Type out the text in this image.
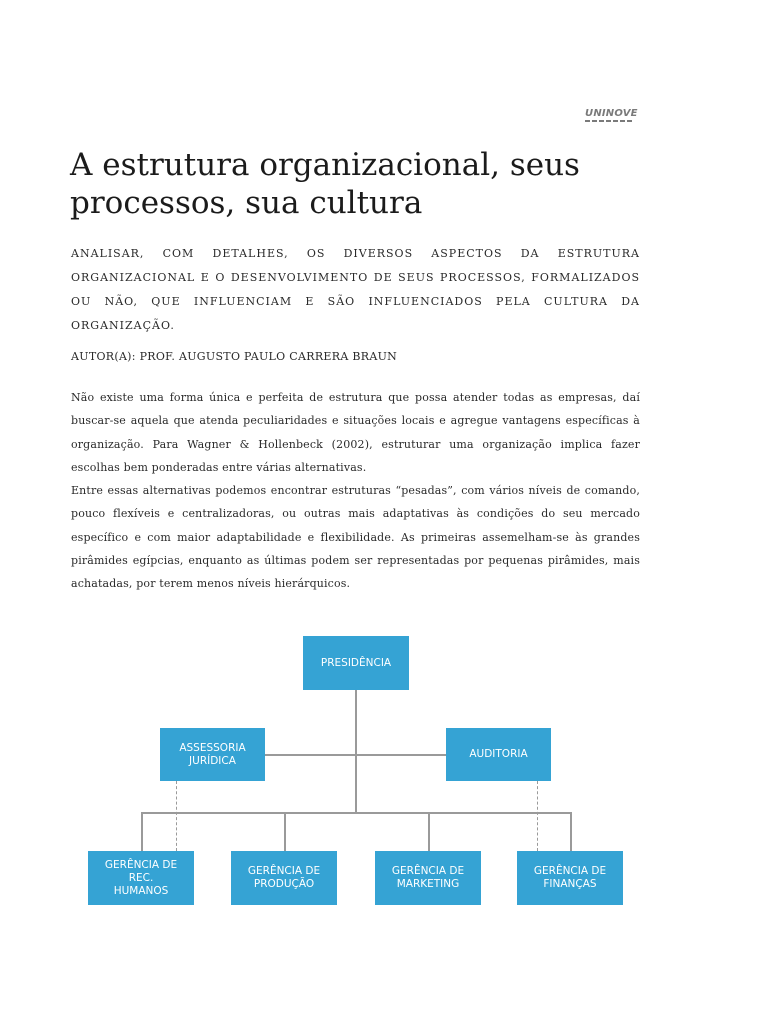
UNINOVE
A estrutura organizacional, seus processos, sua cultura

ANALISAR, COM DETALHES, OS DIVERSOS ASPECTOS DA ESTRUTURA ORGANIZACIONAL E O DESENVOLVIMENTO DE SEUS PROCESSOS, FORMALIZADOS OU NÃO, QUE INFLUENCIAM E SÃO INFLUENCIADOS PELA CULTURA DA ORGANIZAÇÃO.

AUTOR(A): PROF. AUGUSTO PAULO CARRERA BRAUN

Não existe uma forma única e perfeita de estrutura que possa atender todas as empresas, daí buscar-se aquela que atenda peculiaridades e situações locais e agregue vantagens específicas à organização. Para Wagner & Hollenbeck (2002), estruturar uma organização implica fazer escolhas bem ponderadas entre várias alternativas.

Entre essas alternativas podemos encontrar estruturas “pesadas”, com vários níveis de comando, pouco flexíveis e centralizadoras, ou outras mais adaptativas às condições do seu mercado específico e com maior adaptabilidade e flexibilidade. As primeiras assemelham-se às grandes pirâmides egípcias, enquanto as últimas podem ser representadas por pequenas pirâmides, mais achatadas, por terem menos níveis hierárquicos.

PRESIDÊNCIA
ASSESSORIA
JURÍDICA
AUDITORIA
GERÊNCIA DE REC.
HUMANOS
GERÊNCIA DE
PRODUÇÃO
GERÊNCIA DE
MARKETING
GERÊNCIA DE
FINANÇAS
